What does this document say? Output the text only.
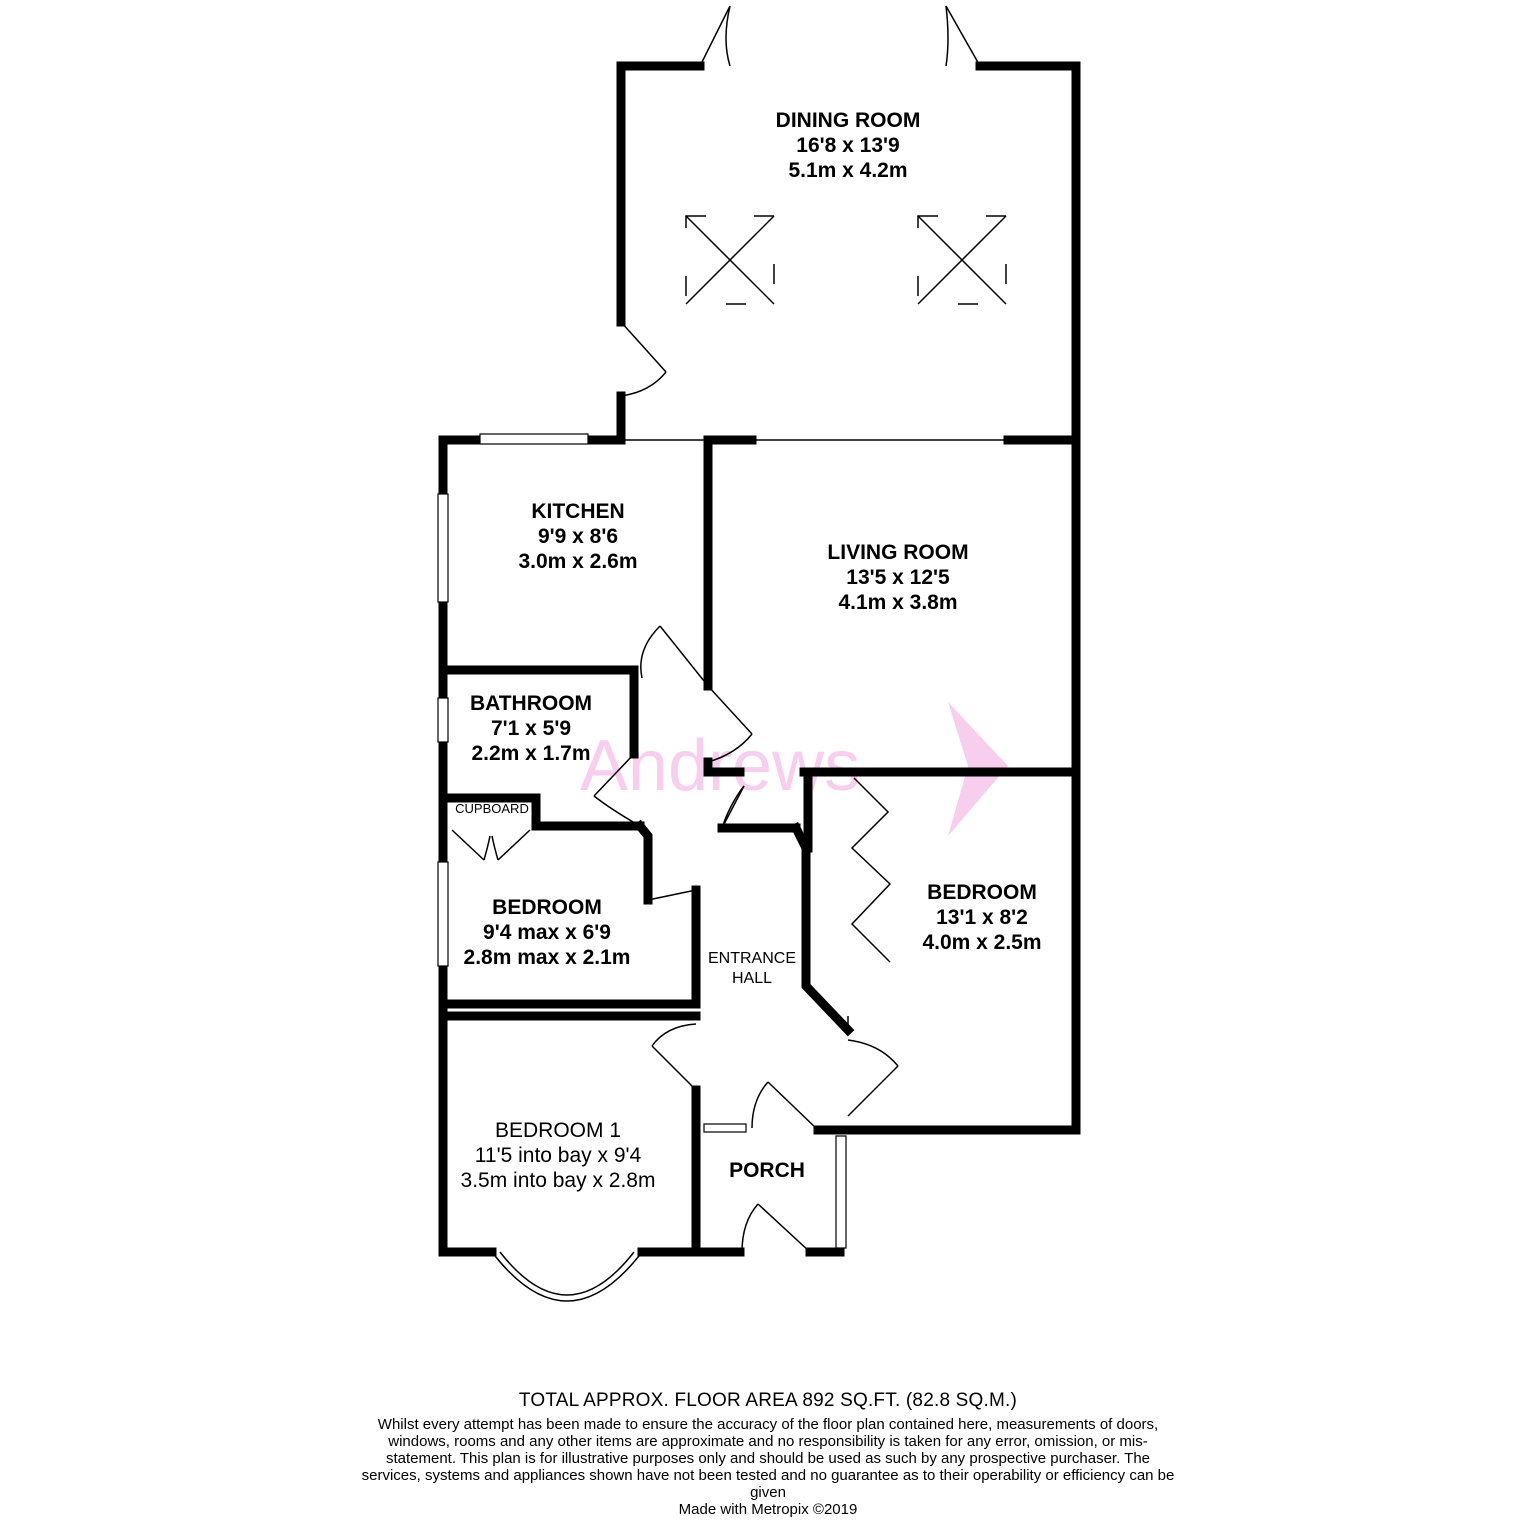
Andrews
DINING ROOM
16'8 x 13'9
5.1m x 4.2m
KITCHEN
9'9 x 8'6
3.0m x 2.6m	LIVING ROOM
13'5 x 12'5
4.1m x 3.8m
BATHROOM
7'1 x 5'9
2.2m x 1.7m
CUPBOARD
BEDROOM
9'4 max x 6'9
2.8m max x 2.1m
BEDROOM
13'1 x 8'2
4.0m x 2.5m
ENTRANCE
HALL
BEDROOM 1
11'5 into bay x 9'4
3.5m into bay x 2.8m	PORCH
TOTAL APPROX. FLOOR AREA 892 SQ.FT. (82.8 SQ.M.)
Whilst every attempt has been made to ensure the accuracy of the floor plan contained here, measurements of doors, windows, rooms and any other items are approximate and no responsibility is taken for any error, omission, or mis-statement. This plan is for illustrative purposes only and should be used as such by any prospective purchaser. The services, systems and appliances shown have not been tested and no guarantee as to their operability or efficiency can be given
Made with Metropix ©2019
